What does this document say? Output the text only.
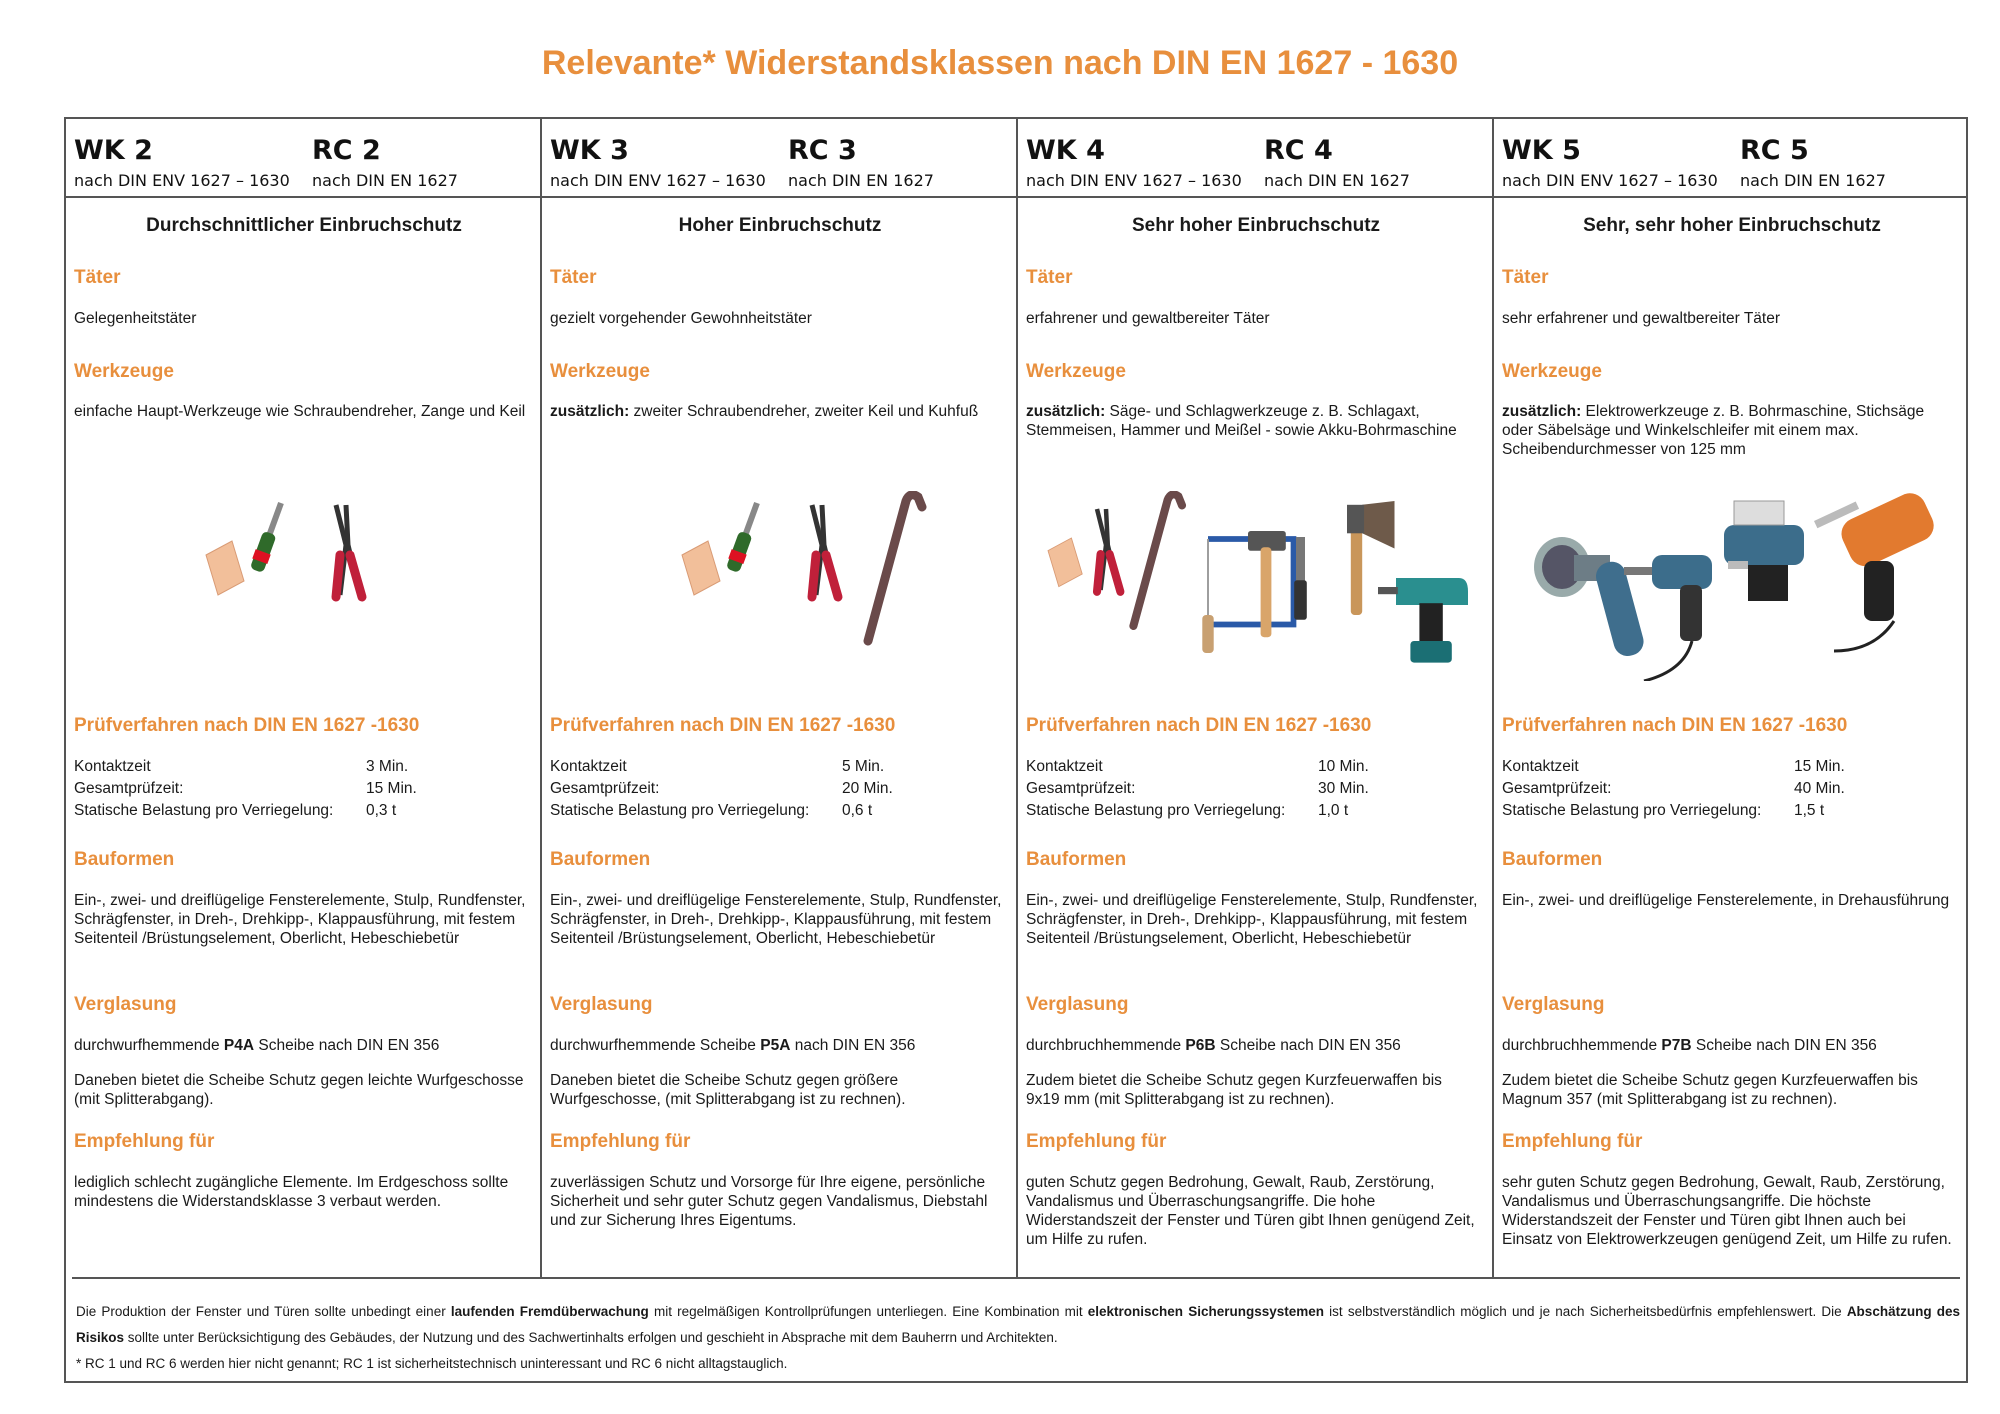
Relevante* Widerstandsklassen nach DIN EN 1627 - 1630
WK 2
nach DIN ENV 1627 – 1630
RC 2
nach DIN EN 1627
Durchschnittlicher Einbruchschutz
Täter
Gelegenheitstäter
Werkzeuge
einfache Haupt-Werkzeuge wie Schraubendreher, Zange und Keil
Prüfverfahren nach DIN EN 1627 -1630
Kontaktzeit	3 Min.
Gesamtprüfzeit:	15 Min.
Statische Belastung pro Verriegelung: 0,3 t
Bauformen
Ein-, zwei- und dreiflügelige Fensterelemente, Stulp, Rundfenster, Schrägfenster, in Dreh-, Drehkipp-, Klappausführung, mit festem Seitenteil /Brüstungselement, Oberlicht, Hebeschiebetür
Verglasung
durchwurfhemmende P4A Scheibe nach DIN EN 356
Daneben bietet die Scheibe Schutz gegen leichte Wurfgeschosse (mit Splitterabgang).
Empfehlung für
lediglich schlecht zugängliche Elemente. Im Erdgeschoss sollte mindestens die Widerstandsklasse 3 verbaut werden.
WK 3
nach DIN ENV 1627 – 1630
RC 3
nach DIN EN 1627
Hoher Einbruchschutz
Täter
gezielt vorgehender Gewohnheitstäter
Werkzeuge
zusätzlich: zweiter Schraubendreher, zweiter Keil und Kuhfuß
Prüfverfahren nach DIN EN 1627 -1630
Kontaktzeit	5 Min.
Gesamtprüfzeit:	20 Min.
Statische Belastung pro Verriegelung: 0,6 t
Bauformen
Ein-, zwei- und dreiflügelige Fensterelemente, Stulp, Rundfenster, Schrägfenster, in Dreh-, Drehkipp-, Klappausführung, mit festem Seitenteil /Brüstungselement, Oberlicht, Hebeschiebetür
Verglasung
durchwurfhemmende Scheibe P5A nach DIN EN 356
Daneben bietet die Scheibe Schutz gegen größere Wurfgeschosse, (mit Splitterabgang ist zu rechnen).
Empfehlung für
zuverlässigen Schutz und Vorsorge für Ihre eigene, persönliche Sicherheit und sehr guter Schutz gegen Vandalismus, Diebstahl und zur Sicherung Ihres Eigentums.
WK 4
nach DIN ENV 1627 – 1630
RC 4
nach DIN EN 1627
Sehr hoher Einbruchschutz
Täter
erfahrener und gewaltbereiter Täter
Werkzeuge
zusätzlich: Säge- und Schlagwerkzeuge z. B. Schlagaxt, Stemmeisen, Hammer und Meißel - sowie Akku-Bohrmaschine
Prüfverfahren nach DIN EN 1627 -1630
Kontaktzeit	10 Min.
Gesamtprüfzeit:	30 Min.
Statische Belastung pro Verriegelung: 1,0 t
Bauformen
Ein-, zwei- und dreiflügelige Fensterelemente, Stulp, Rundfenster, Schrägfenster, in Dreh-, Drehkipp-, Klappausführung, mit festem Seitenteil /Brüstungselement, Oberlicht, Hebeschiebetür
Verglasung
durchbruchhemmende P6B Scheibe nach DIN EN 356
Zudem bietet die Scheibe Schutz gegen Kurzfeuerwaffen bis 9x19 mm (mit Splitterabgang ist zu rechnen).
Empfehlung für
guten Schutz gegen Bedrohung, Gewalt, Raub, Zerstörung, Vandalismus und Überraschungsangriffe. Die hohe Widerstandszeit der Fenster und Türen gibt Ihnen genügend Zeit, um Hilfe zu rufen.
WK 5
nach DIN ENV 1627 – 1630
RC 5
nach DIN EN 1627
Sehr, sehr hoher Einbruchschutz
Täter
sehr erfahrener und gewaltbereiter Täter
Werkzeuge
zusätzlich: Elektrowerkzeuge z. B. Bohrmaschine, Stichsäge oder Säbelsäge und Winkelschleifer mit einem max. Scheibendurchmesser von 125 mm
Prüfverfahren nach DIN EN 1627 -1630
Kontaktzeit	15 Min.
Gesamtprüfzeit:	40 Min.
Statische Belastung pro Verriegelung: 1,5 t
Bauformen
Ein-, zwei- und dreiflügelige Fensterelemente, in Drehausführung
Verglasung
durchbruchhemmende P7B Scheibe nach DIN EN 356
Zudem bietet die Scheibe Schutz gegen Kurzfeuerwaffen bis Magnum 357 (mit Splitterabgang ist zu rechnen).
Empfehlung für
sehr guten Schutz gegen Bedrohung, Gewalt, Raub, Zerstörung, Vandalismus und Überraschungsangriffe. Die höchste Widerstandszeit der Fenster und Türen gibt Ihnen auch bei Einsatz von Elektrowerkzeugen genügend Zeit, um Hilfe zu rufen.
Die Produktion der Fenster und Türen sollte unbedingt einer laufenden Fremdüberwachung mit regelmäßigen Kontrollprüfungen unterliegen. Eine Kombination mit elektronischen Sicherungssystemen ist selbstverständlich möglich und je nach Sicherheitsbedürfnis empfehlenswert. Die Abschätzung des Risikos sollte unter Berücksichtigung des Gebäudes, der Nutzung und des Sachwertinhalts erfolgen und geschieht in Absprache mit dem Bauherrn und Architekten.
* RC 1 und RC 6 werden hier nicht genannt; RC 1 ist sicherheitstechnisch uninteressant und RC 6 nicht alltagstauglich.
